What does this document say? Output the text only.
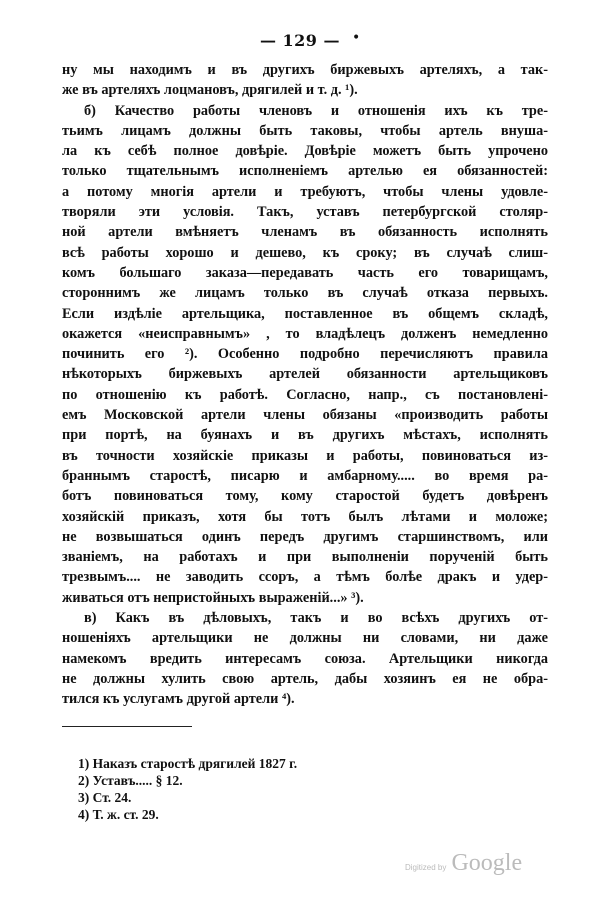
— 129 — •
ну мы находимъ и въ другихъ биржевыхъ артеляхъ, а так-
же въ артеляхъ лоцмановъ, дрягилей и т. д. ¹).
б) Качество работы членовъ и отношенія ихъ къ тре-
тьимъ лицамъ должны быть таковы, чтобы артель внуша-
ла къ себѣ полное довѣріе. Довѣріе можетъ быть упрочено
только тщательнымъ исполненіемъ артелью ея обязанностей:
а потому многія артели и требуютъ, чтобы члены удовле-
творяли эти условія. Такъ, уставъ петербургской столяр-
ной артели вмѣняетъ членамъ въ обязанность исполнять
всѣ работы хорошо и дешево, къ сроку; въ случаѣ слиш-
комъ большаго заказа—передавать часть его товарищамъ,
стороннимъ же лицамъ только въ случаѣ отказа первыхъ.
Если издѣліе артельщика, поставленное въ общемъ складѣ,
окажется «неисправнымъ» , то владѣлецъ долженъ немедленно
починить его ²). Особенно подробно перечисляютъ правила
нѣкоторыхъ биржевыхъ артелей обязанности артельщиковъ
по отношенію къ работѣ. Согласно, напр., съ постановлені-
емъ Московской артели члены обязаны «производить работы
при портѣ, на буянахъ и въ другихъ мѣстахъ, исполнять
въ точности хозяйскіе приказы и работы, повиноваться из-
браннымъ старостѣ, писарю и амбарному..... во время ра-
ботъ повиноваться тому, кому старостой будетъ довѣренъ
хозяйскій приказъ, хотя бы тотъ былъ лѣтами и моложе;
не возвышаться одинъ передъ другимъ старшинствомъ, или
званіемъ, на работахъ и при выполненіи порученій быть
трезвымъ.... не заводить ссоръ, а тѣмъ болѣе дракъ и удер-
живаться отъ непристойныхъ выраженій...» ³).
в) Какъ въ дѣловыхъ, такъ и во всѣхъ другихъ от-
ношеніяхъ артельщики не должны ни словами, ни даже
намекомъ вредить интересамъ союза. Артельщики никогда
не должны хулить свою артель, дабы хозяинъ ея не обра-
тился къ услугамъ другой артели ⁴).
1) Наказъ старостѣ дрягилей 1827 г.
2) Уставъ..... § 12.
3) Ст. 24.
4) Т. ж. ст. 29.
Digitized by Google
